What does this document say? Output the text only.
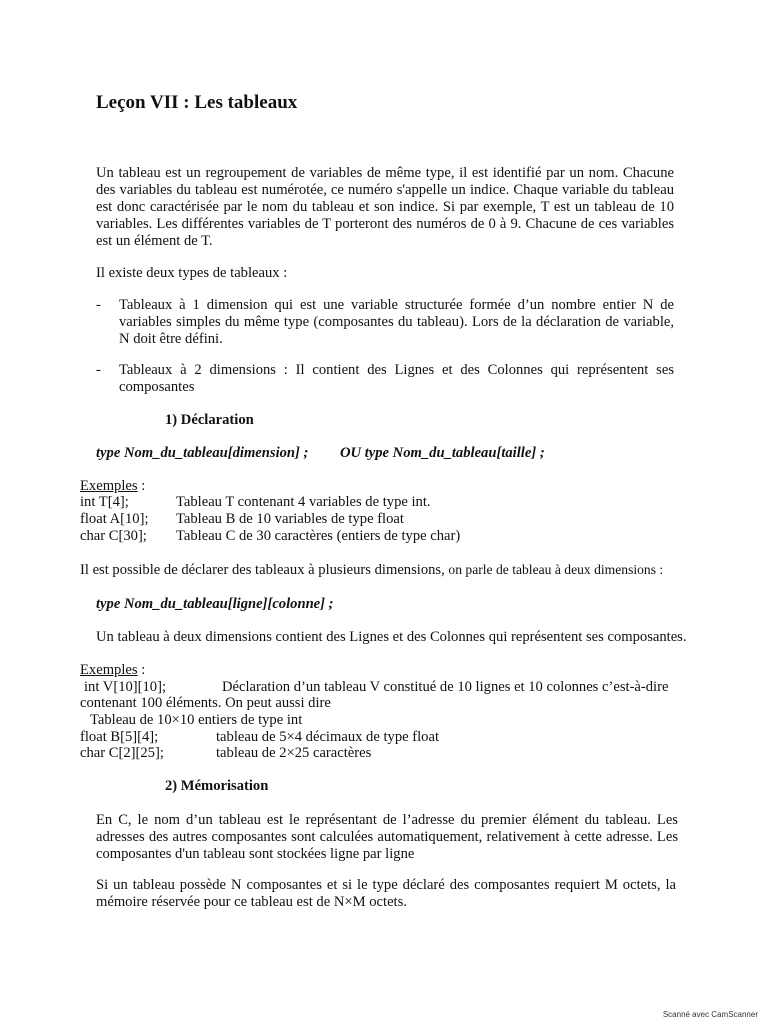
Leçon VII : Les tableaux
Un tableau est un regroupement de variables de même type, il est identifié par un nom. Chacune des variables du tableau est numérotée, ce numéro s'appelle un indice. Chaque variable du tableau est donc caractérisée par le nom du tableau et son indice. Si par exemple, T est un tableau de 10 variables. Les différentes variables de T porteront des numéros de 0 à 9. Chacune de ces variables est un élément de T.
Il existe deux types de tableaux :
- Tableaux à 1 dimension qui est une variable structurée formée d’un nombre entier N de variables simples du même type (composantes du tableau). Lors de la déclaration de variable, N doit être défini.
- Tableaux à 2 dimensions : Il contient des Lignes et des Colonnes qui représentent ses composantes
1) Déclaration
type Nom_du_tableau[dimension] ; OU type Nom_du_tableau[taille] ;
Exemples :
int T[4];	Tableau T contenant 4 variables de type int.
float A[10]; Tableau B de 10 variables de type float
char C[30]; Tableau C de 30 caractères (entiers de type char)
Il est possible de déclarer des tableaux à plusieurs dimensions, on parle de tableau à deux dimensions :
type Nom_du_tableau[ligne][colonne] ;
Un tableau à deux dimensions contient des Lignes et des Colonnes qui représentent ses composantes.
Exemples :
int V[10][10];	Déclaration d’un tableau V constitué de 10 lignes et 10 colonnes c’est-à-dire
contenant 100 éléments. On peut aussi dire
Tableau de 10×10 entiers de type int
float B[5][4];	tableau de 5×4 décimaux de type float
char C[2][25];	tableau de 2×25 caractères
2) Mémorisation
En C, le nom d’un tableau est le représentant de l’adresse du premier élément du tableau. Les adresses des autres composantes sont calculées automatiquement, relativement à cette adresse. Les composantes d'un tableau sont stockées ligne par ligne
Si un tableau possède N composantes et si le type déclaré des composantes requiert M octets, la mémoire réservée pour ce tableau est de N×M octets.
Scanné avec CamScanner
